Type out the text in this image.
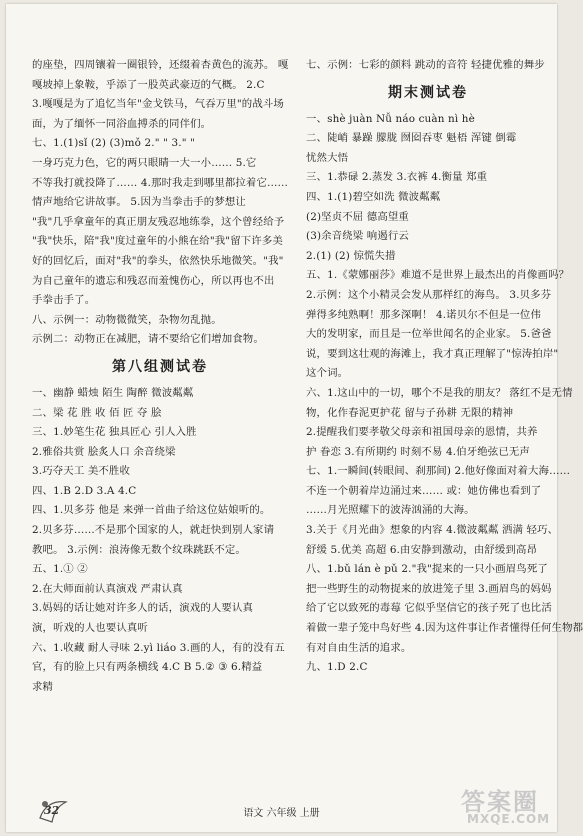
的座垫，四周镶着一圈银铃，还缀着杏黄色的流苏。 嘎
嘎坡掉上象鞍，乎添了一股英武豪迈的气概。 2.C
3.嘎嘎是为了追忆当年"金戈铁马，气吞万里"的战斗场
面，为了缅怀一同浴血搏杀的同伴们。
七、1.(1)sǐ (2) (3)mǒ 2." " 3." "
一身巧克力色，它的两只眼睛一大一小…… 5.它
不等我打就投降了…… 4.那时我走到哪里都拉着它……
情声地给它讲故事。 5.因为当拳击手的梦想让
"我"几乎拿童年的真正朋友残忍地练拳，这个曾经给予
"我"快乐，陪"我"度过童年的小熊在给"我"留下许多美
好的回忆后，面对"我"的拳头，依然快乐地微笑。"我"
为自己童年的遗忘和残忍而羞愧伤心，所以再也不出
手拳击手了。
八、示例一：动物微微笑，杂物勿乱抛。
示例二：动物正在减肥，请不要给它们增加食物。
第八组测试卷
一、幽静 蜡烛 陌生 陶醉 微波粼粼
二、梁 花 胜 收 佰 匠 夺 脍
三、1.妙笔生花 独具匠心 引人入胜
2.雅俗共赏 脍炙人口 余音绕梁
3.巧夺天工 美不胜收
四、1.B 2.D 3.A 4.C
四、1.贝多芬 他是 来弹一首曲子给这位姑娘听的。
2.贝多芬……不是那个国家的人，就赶快到别人家请
教吧。 3.示例：浪涛像无数个纹珠跳跃不定。
五、1.① ②
2.在大师面前认真演戏 严肃认真
3.妈妈的话让她对许多人的话，演戏的人要认真
演，听戏的人也要认真听
六、1.收藏 耐人寻味 2.yì liáo 3.画的人，有的没有五
官，有的脸上只有两条横线 4.C B 5.② ③ 6.精益
求精
七、示例：七彩的颜料 跳动的音符 轻捷优雅的舞步
期末测试卷
一、shè juàn Nǚ náo cuàn nì hè
二、陡峭 暴躁 朦胧 囫囵吞枣 魁梧 浑键 倒霉
忧然大悟
三、1.恭碌 2.蒸发 3.衣裤 4.衡量 郑重
四、1.(1)碧空如洗 微波粼粼
(2)坚贞不屈 德高望重
(3)余音绕梁 响遏行云
2.(1) (2) 惊慌失措
五、1.《蒙娜丽莎》难道不是世界上最杰出的肖像画吗？
2.示例：这个小精灵会发从那样红的海鸟。 3.贝多芬
弹得多纯熟啊！那多深啊！ 4.诺贝尔不但是一位伟
大的发明家，而且是一位举世闻名的企业家。 5.爸爸
说，要到这壮观的海滩上，我才真正理解了"惊涛拍岸"
这个词。
六、1.这山中的一切，哪个不是我的朋友？ 落红不是无情
物，化作春泥更护花 留与子孙耕 无限的精神
2.提醒我们要孝敬父母亲和祖国母亲的恩情，共养
护 眷恋 3.有所期约 时刻不易 4.伯牙绝弦已无声
七、1.一瞬间(转眼间、刹那间) 2.他好像面对着大海……
不连一个朝着岸边涌过来…… 或：她仿佛也看到了
……月光照耀下的波涛汹涌的大海。
3.关于《月光曲》想象的内容 4.微波粼粼 洒满 轻巧、
舒缓 5.优美 高超 6.由安静到激动，由舒缓到高昂
八、1.bǔ lán è pǔ 2."我"捉来的一只小画眉鸟死了
把一些野生的动物捉来的放进笼子里 3.画眉鸟的妈妈
给了它以致死的毒莓 它似乎坚信它的孩子死了也比活
着做一辈子笼中鸟好些 4.因为这件事让作者懂得任何生物都
有对自由生活的追求。
九、1.D 2.C
32	语文 六年级 上册	答案圈
MXQE.COM
